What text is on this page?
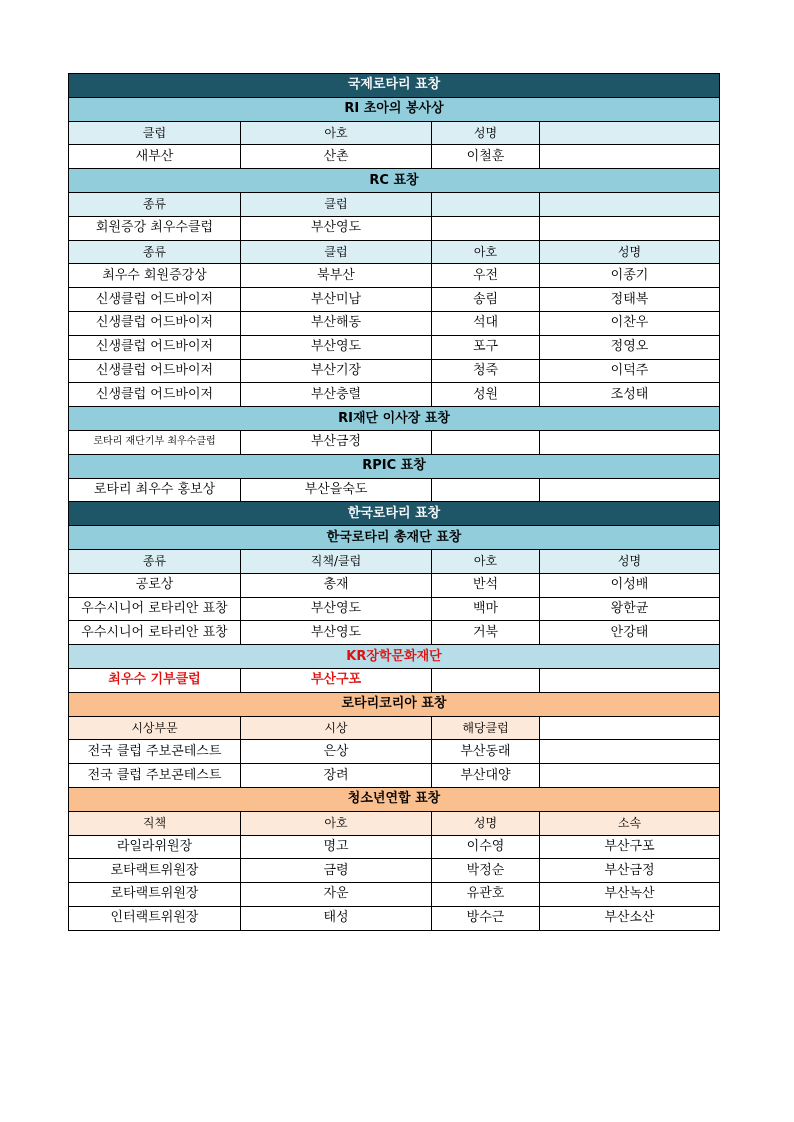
국제로타리 표창			
RI 초아의 봉사상			
클럽	아호	성명	
새부산	산촌	이철훈	
RC 표창			
종류	클럽		
회원증강 최우수클럽	부산영도		
종류	클럽	아호	성명
최우수 회원증강상	북부산	우전	이종기
신생클럽 어드바이저	부산미남	송림	정태복
신생클럽 어드바이저	부산해동	석대	이찬우
신생클럽 어드바이저	부산영도	포구	정영오
신생클럽 어드바이저	부산기장	청죽	이덕주
신생클럽 어드바이저	부산충렬	성원	조성태
RI재단 이사장 표창			
로타리 재단기부 최우수클럽	부산금정		
RPIC 표창			
로타리 최우수 홍보상	부산을숙도		
한국로타리 표창			
한국로타리 총재단 표창			
종류	직책/클럽	아호	성명
공로상	총재	반석	이성배
우수시니어 로타리안 표창	부산영도	백마	왕한균
우수시니어 로타리안 표창	부산영도	거북	안강태
KR장학문화재단			
최우수 기부클럽	부산구포		
로타리코리아 표창			
시상부문	시상	해당클럽	
전국 클럽 주보콘테스트	은상	부산동래	
전국 클럽 주보콘테스트	장려	부산대양	
청소년연합 표창			
직책	아호	성명	소속
라일라위원장	명고	이수영	부산구포
로타랙트위원장	금령	박정순	부산금정
로타랙트위원장	자운	유관호	부산녹산
인터랙트위원장	태성	방수근	부산소산
